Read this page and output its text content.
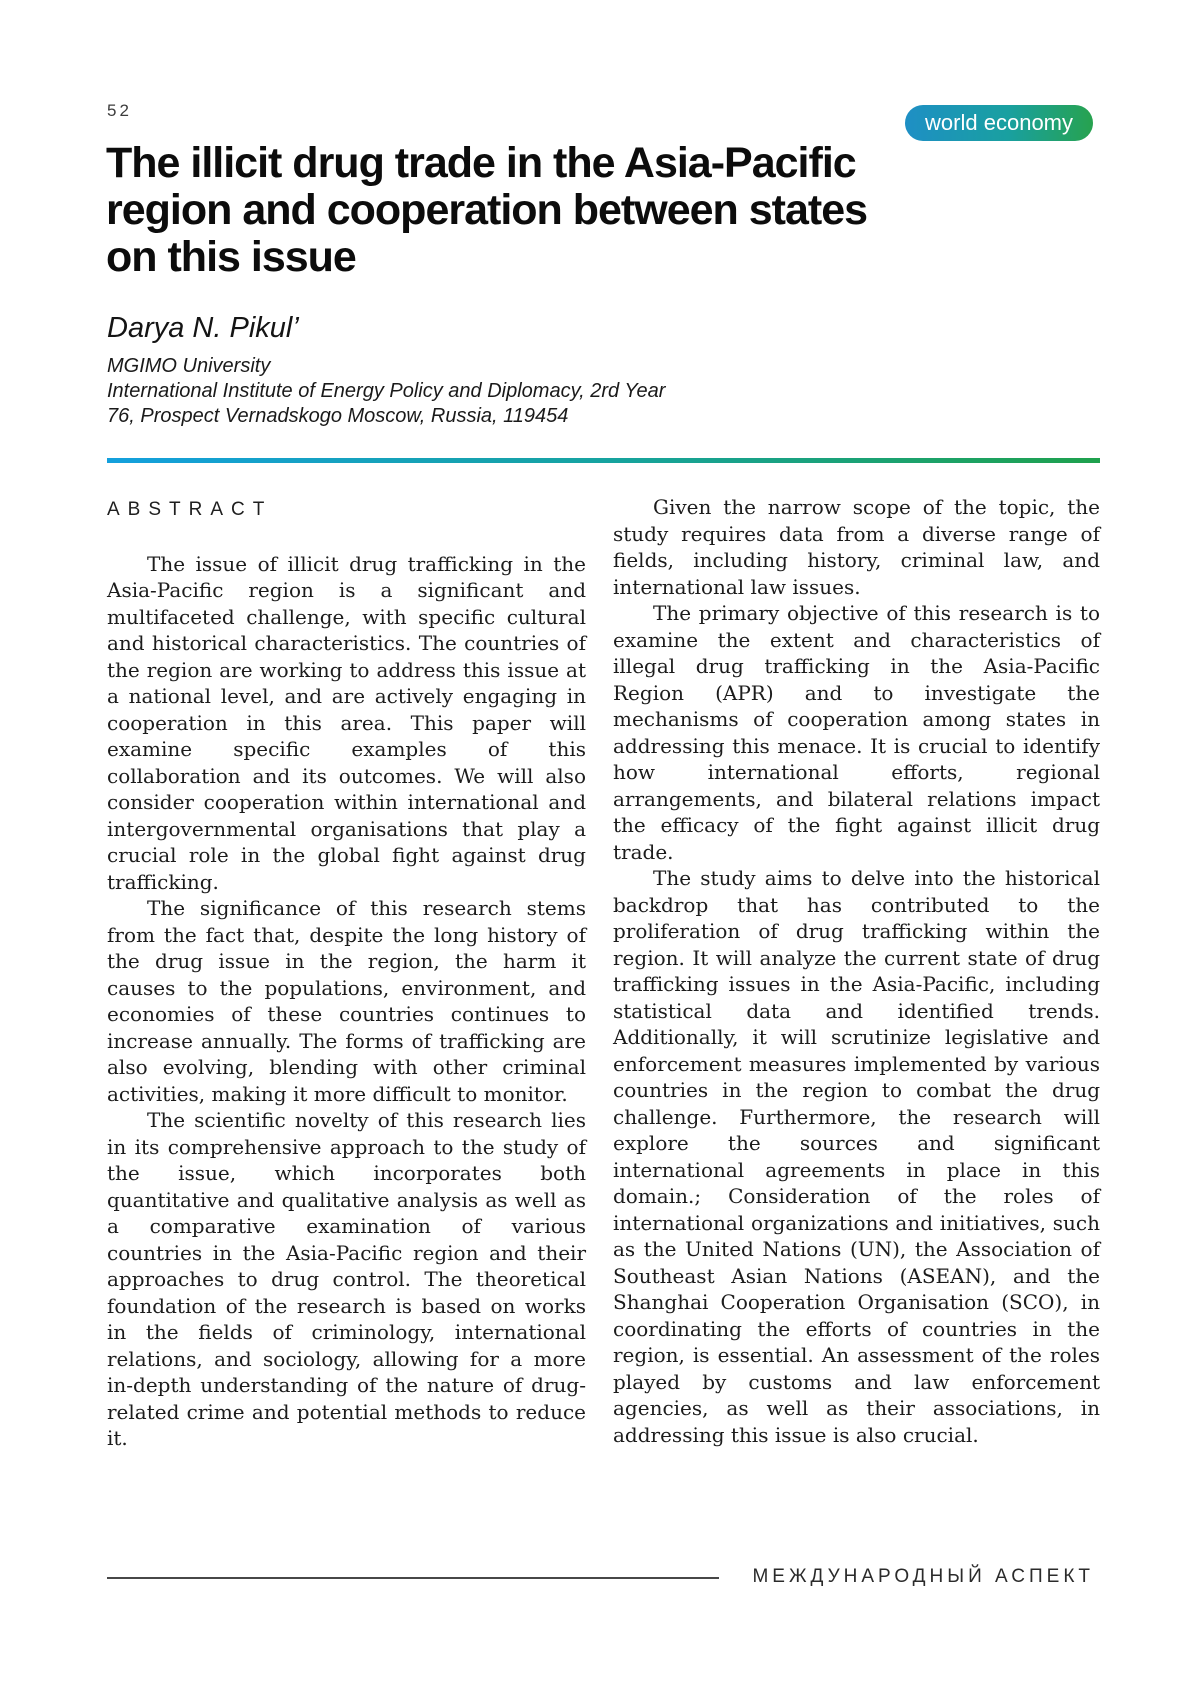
52	world economy
The illicit drug trade in the Asia-Pacific
region and cooperation between states
on this issue
Darya N. Pikul’
MGIMO University
International Institute of Energy Policy and Diplomacy, 2rd Year
76, Prospect Vernadskogo Moscow, Russia, 119454
ABSTRACT

The issue of illicit drug trafficking in the Asia-Pacific region is a significant and multifaceted challenge, with specific cultural and historical characteristics. The countries of the region are working to address this issue at a national level, and are actively engaging in cooperation in this area. This paper will examine specific examples of this collaboration and its outcomes. We will also consider cooperation within international and intergovernmental organisations that play a crucial role in the global fight against drug trafficking.

The significance of this research stems from the fact that, despite the long history of the drug issue in the region, the harm it causes to the populations, environment, and economies of these countries continues to increase annually. The forms of trafficking are also evolving, blending with other criminal activities, making it more difficult to monitor.

The scientific novelty of this research lies in its comprehensive approach to the study of the issue, which incorporates both quantitative and qualitative analysis as well as a comparative examination of various countries in the Asia-Pacific region and their approaches to drug control. The theoretical foundation of the research is based on works in the fields of criminology, international relations, and sociology, allowing for a more in-depth understanding of the nature of drug-related crime and potential methods to reduce it.

Given the narrow scope of the topic, the study requires data from a diverse range of fields, including history, criminal law, and international law issues.

The primary objective of this research is to examine the extent and characteristics of illegal drug trafficking in the Asia-Pacific Region (APR) and to investigate the mechanisms of cooperation among states in addressing this menace. It is crucial to identify how international efforts, regional arrangements, and bilateral relations impact the efficacy of the fight against illicit drug trade.

The study aims to delve into the historical backdrop that has contributed to the proliferation of drug trafficking within the region. It will analyze the current state of drug trafficking issues in the Asia-Pacific, including statistical data and identified trends. Additionally, it will scrutinize legislative and enforcement measures implemented by various countries in the region to combat the drug challenge. Furthermore, the research will explore the sources and significant international agreements in place in this domain.; Consideration of the roles of international organizations and initiatives, such as the United Nations (UN), the Association of Southeast Asian Nations (ASEAN), and the Shanghai Cooperation Organisation (SCO), in coordinating the efforts of countries in the region, is essential. An assessment of the roles played by customs and law enforcement agencies, as well as their associations, in addressing this issue is also crucial.

МЕЖДУНАРОДНЫЙ АСПЕКТ
